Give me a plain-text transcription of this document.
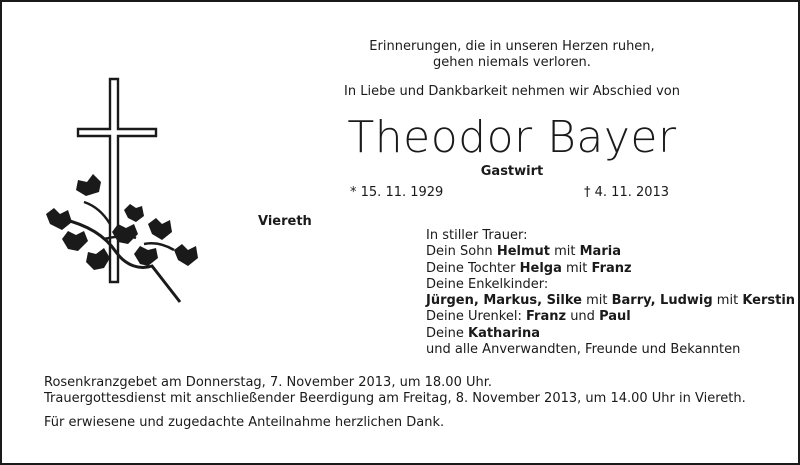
Erinnerungen, die in unseren Herzen ruhen,
gehen niemals verloren.
In Liebe und Dankbarkeit nehmen wir Abschied von
Theodor Bayer
Gastwirt
* 15. 11. 1929	† 4. 11. 2013
Viereth
In stiller Trauer:
Dein Sohn Helmut mit Maria
Deine Tochter Helga mit Franz
Deine Enkelkinder:
Jürgen, Markus, Silke mit Barry, Ludwig mit Kerstin
Deine Urenkel: Franz und Paul
Deine Katharina
und alle Anverwandten, Freunde und Bekannten
Rosenkranzgebet am Donnerstag, 7. November 2013, um 18.00 Uhr.
Trauergottesdienst mit anschließender Beerdigung am Freitag, 8. November 2013, um 14.00 Uhr in Viereth.
Für erwiesene und zugedachte Anteilnahme herzlichen Dank.
